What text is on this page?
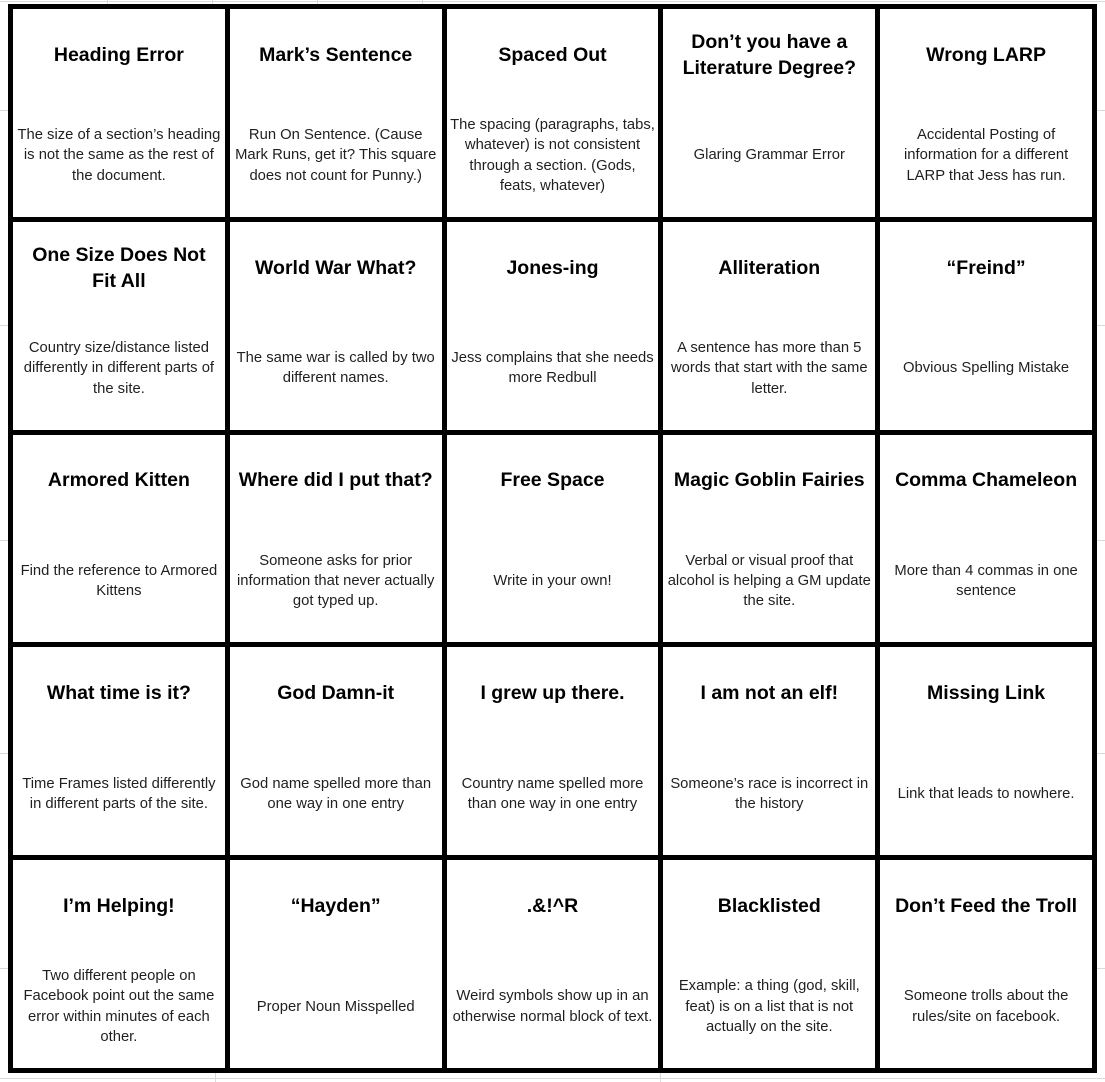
Heading Error
The size of a section’s heading is not the same as the rest of the document.
Mark’s Sentence
Run On Sentence. (Cause Mark Runs, get it? This square does not count for Punny.)
Spaced Out
The spacing (paragraphs, tabs, whatever) is not consistent through a section. (Gods, feats, whatever)
Don’t you have a Literature Degree?
Glaring Grammar Error
Wrong LARP
Accidental Posting of information for a different LARP that Jess has run.
One Size Does Not Fit All
Country size/distance listed differently in different parts of the site.
World War What?
The same war is called by two different names.
Jones-ing
Jess complains that she needs more Redbull
Alliteration
A sentence has more than 5 words that start with the same letter.
“Freind”
Obvious Spelling Mistake
Armored Kitten
Find the reference to Armored Kittens
Where did I put that?
Someone asks for prior information that never actually got typed up.
Free Space
Write in your own!
Magic Goblin Fairies
Verbal or visual proof that alcohol is helping a GM update the site.
Comma Chameleon
More than 4 commas in one sentence
What time is it?
Time Frames listed differently in different parts of the site.
God Damn-it
God name spelled more than one way in one entry
I grew up there.
Country name spelled more than one way in one entry
I am not an elf!
Someone’s race is incorrect in the history
Missing Link
Link that leads to nowhere.
I’m Helping!
Two different people on Facebook point out the same error within minutes of each other.
“Hayden”
Proper Noun Misspelled
.&!^R
Weird symbols show up in an otherwise normal block of text.
Blacklisted
Example: a thing (god, skill, feat) is on a list that is not actually on the site.
Don’t Feed the Troll
Someone trolls about the rules/site on facebook.
